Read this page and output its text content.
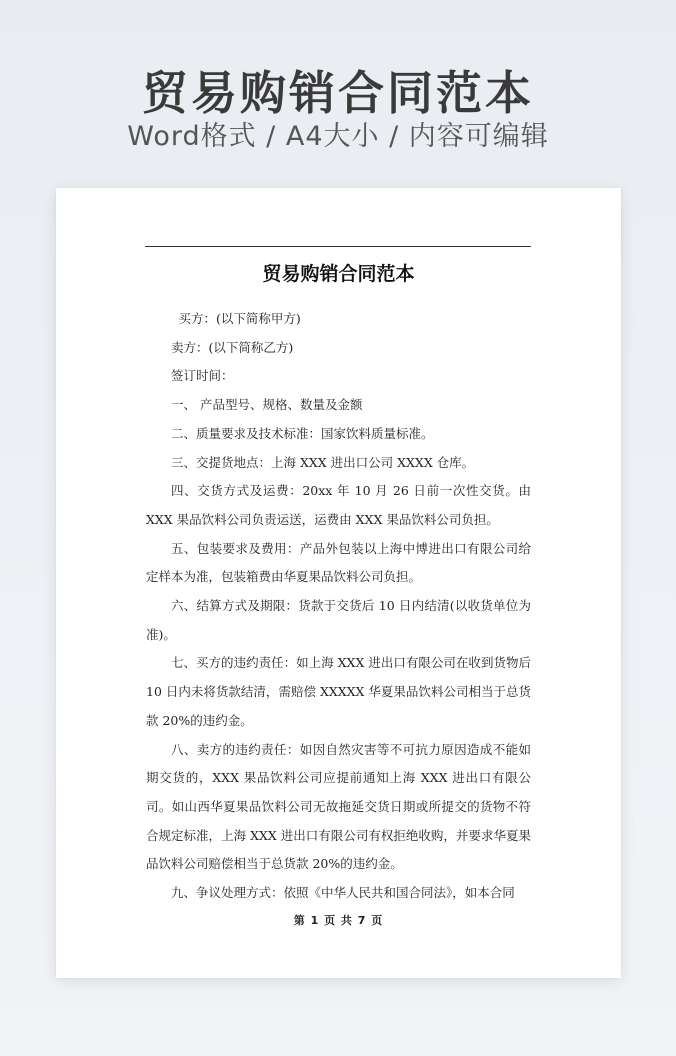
贸易购销合同范本
Word格式 / A4大小 / 内容可编辑
贸易购销合同范本

买方：(以下简称甲方)

卖方：(以下简称乙方)

签订时间：

一、 产品型号、规格、数量及金额

二、质量要求及技术标准：国家饮料质量标准。

三、交提货地点：上海 XXX 进出口公司 XXXX 仓库。

四、交货方式及运费：20xx 年 10 月 26 日前一次性交货。由 XXX 果品饮料公司负责运送，运费由 XXX 果品饮料公司负担。

五、包装要求及费用：产品外包装以上海中博进出口有限公司给定样本为准，包装箱费由华夏果品饮料公司负担。

六、结算方式及期限：货款于交货后 10 日内结清(以收货单位为准)。

七、买方的违约责任：如上海 XXX 进出口有限公司在收到货物后 10 日内未将货款结清，需赔偿 XXXXX 华夏果品饮料公司相当于总货款 20%的违约金。

八、卖方的违约责任：如因自然灾害等不可抗力原因造成不能如期交货的，XXX 果品饮料公司应提前通知上海 XXX 进出口有限公司。如山西华夏果品饮料公司无故拖延交货日期或所提交的货物不符合规定标准，上海 XXX 进出口有限公司有权拒绝收购，并要求华夏果品饮料公司赔偿相当于总货款 20%的违约金。

九、争议处理方式：依照《中华人民共和国合同法》，如本合同

第 1 页 共 7 页
